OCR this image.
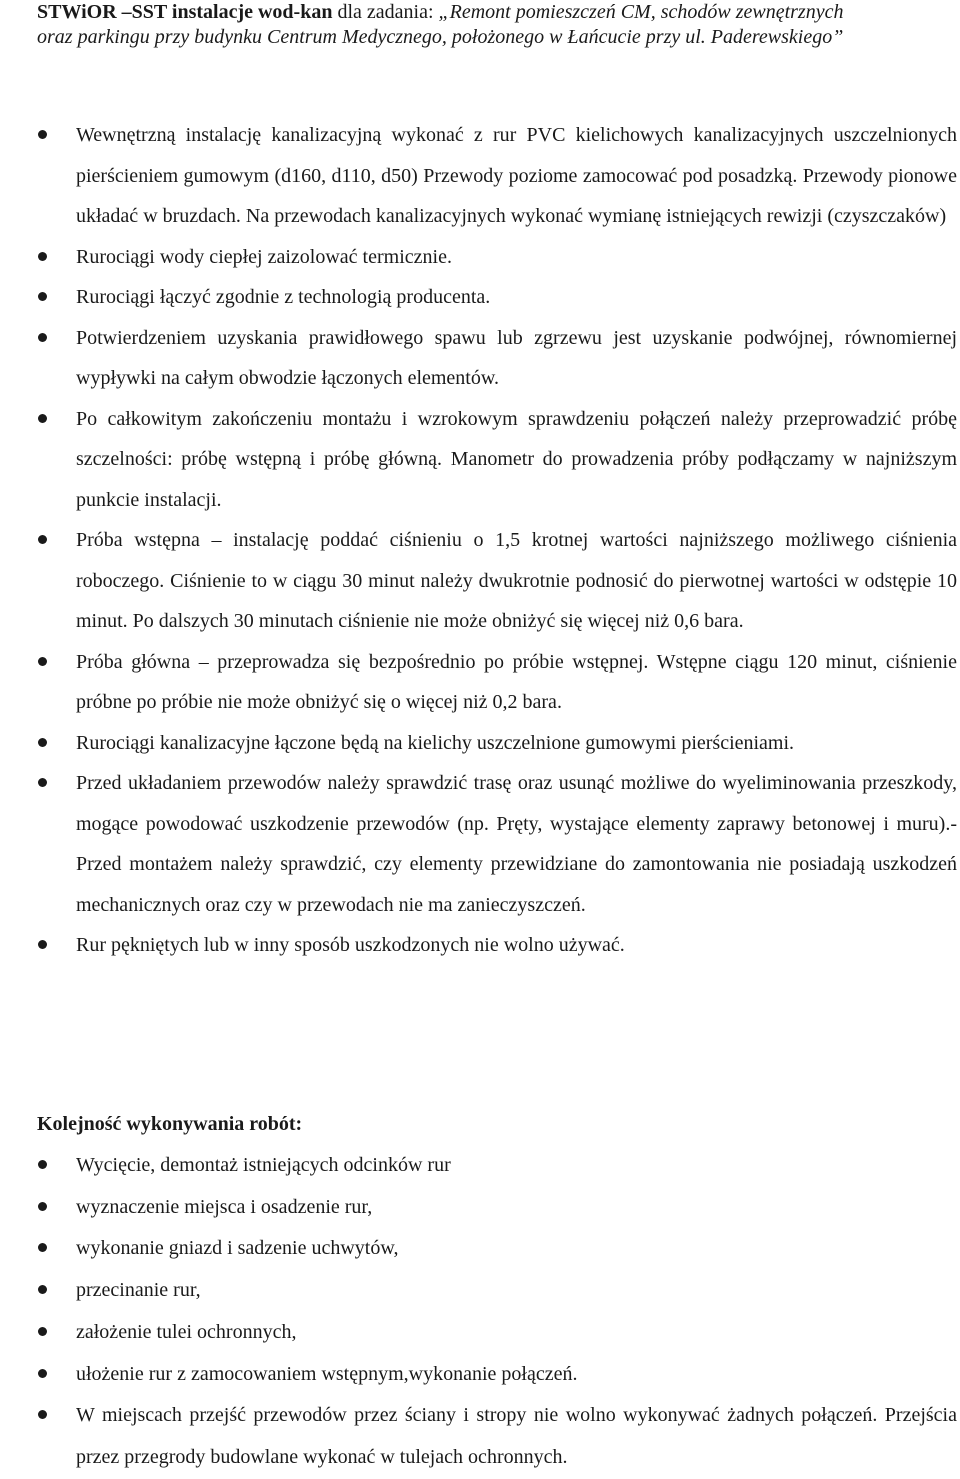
STWiOR –SST instalacje wod-kan dla zadania: „Remont pomieszczeń CM, schodów zewnętrznych
oraz parkingu przy budynku Centrum Medycznego, położonego w Łańcucie przy ul. Paderewskiego”
Wewnętrzną instalację kanalizacyjną wykonać z rur PVC kielichowych kanalizacyjnych uszczelnionych pierścieniem gumowym (d160, d110, d50) Przewody poziome zamocować pod posadzką. Przewody pionowe układać w bruzdach. Na przewodach kanalizacyjnych wykonać wymianę istniejących rewizji (czyszczaków)
Rurociągi wody ciepłej zaizolować termicznie.
Rurociągi łączyć zgodnie z technologią producenta.
Potwierdzeniem uzyskania prawidłowego spawu lub zgrzewu jest uzyskanie podwójnej, równomiernej wypływki na całym obwodzie łączonych elementów.
Po całkowitym zakończeniu montażu i wzrokowym sprawdzeniu połączeń należy przeprowadzić próbę szczelności: próbę wstępną i próbę główną. Manometr do prowadzenia próby podłączamy w najniższym punkcie instalacji.
Próba wstępna – instalację poddać ciśnieniu o 1,5 krotnej wartości najniższego możliwego ciśnienia roboczego. Ciśnienie to w ciągu 30 minut należy dwukrotnie podnosić do pierwotnej wartości w odstępie 10 minut. Po dalszych 30 minutach ciśnienie nie może obniżyć się więcej niż 0,6 bara.
Próba główna – przeprowadza się bezpośrednio po próbie wstępnej. Wstępne ciągu 120 minut, ciśnienie próbne po próbie nie może obniżyć się o więcej niż 0,2 bara.
Rurociągi kanalizacyjne łączone będą na kielichy uszczelnione gumowymi pierścieniami.
Przed układaniem przewodów należy sprawdzić trasę oraz usunąć możliwe do wyeliminowania przeszkody, mogące powodować uszkodzenie przewodów (np. Pręty, wystające elementy zaprawy betonowej i muru).-Przed montażem należy sprawdzić, czy elementy przewidziane do zamontowania nie posiadają uszkodzeń mechanicznych oraz czy w przewodach nie ma zanieczyszczeń.
Rur pękniętych lub w inny sposób uszkodzonych nie wolno używać.
Kolejność wykonywania robót:
Wycięcie, demontaż istniejących odcinków rur
wyznaczenie miejsca i osadzenie rur,
wykonanie gniazd i sadzenie uchwytów,
przecinanie rur,
założenie tulei ochronnych,
ułożenie rur z zamocowaniem wstępnym,wykonanie połączeń.
W miejscach przejść przewodów przez ściany i stropy nie wolno wykonywać żadnych połączeń. Przejścia przez przegrody budowlane wykonać w tulejach ochronnych.
